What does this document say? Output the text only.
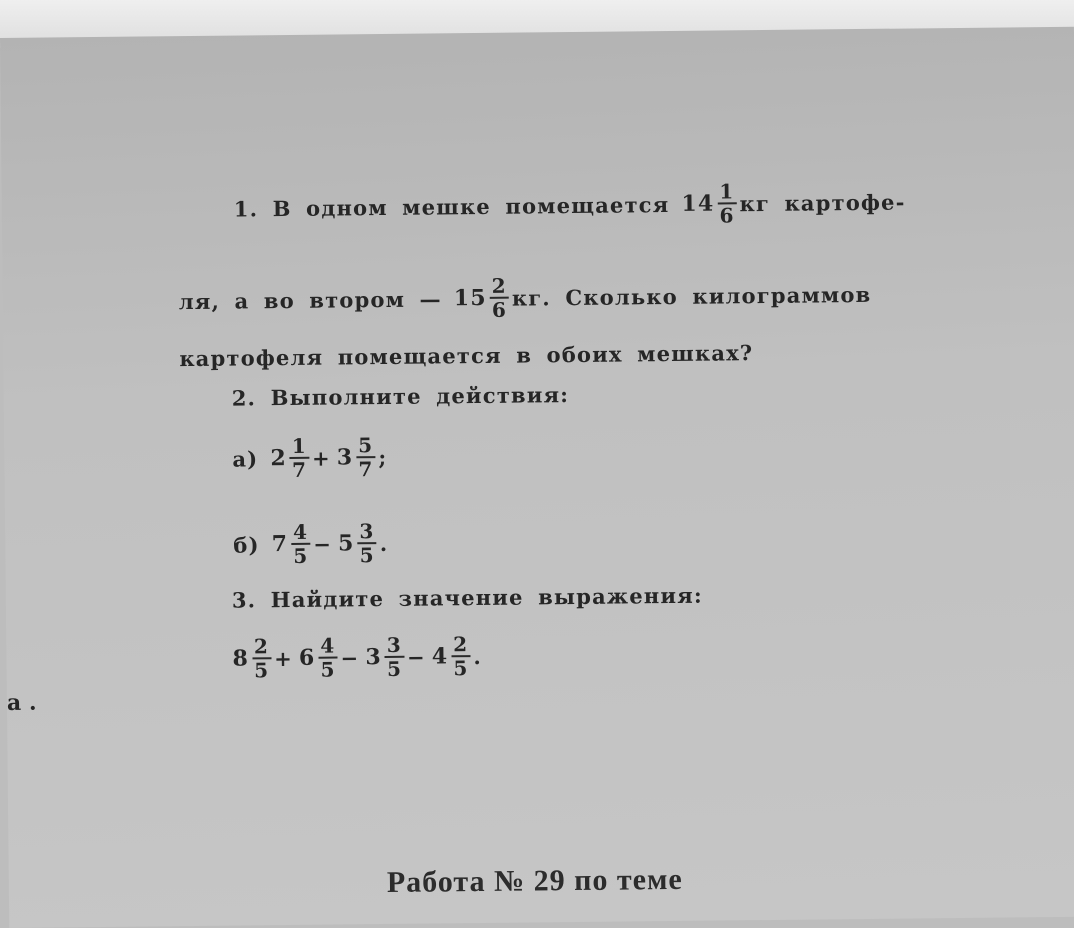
1. В одном мешке помещается $14 \frac{1}{6}$ кг картофе-
ля, а во втором — $15 \frac{2}{6}$ кг. Сколько килограммов
картофеля помещается в обоих мешках?
2. Выполните действия:
а) $2 \frac{1}{7} + 3 \frac{5}{7}$ ;
б) $7 \frac{4}{5} - 5 \frac{3}{5}$ .
3. Найдите значение выражения:
$8 \frac{2}{5} + 6 \frac{4}{5} - 3 \frac{3}{5} - 4 \frac{2}{5}$ .
а .
Работа № 29 по теме
